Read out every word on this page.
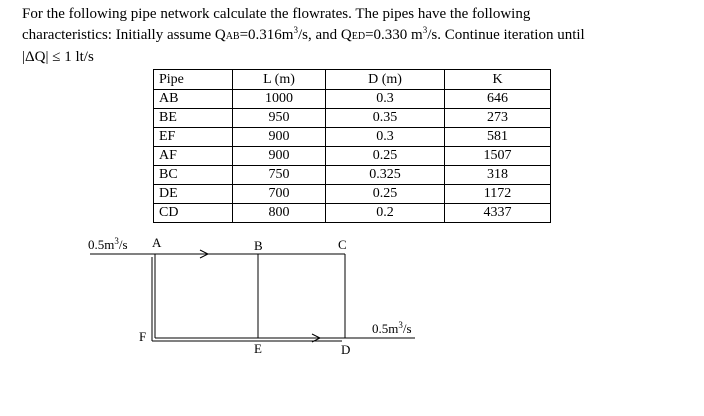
For the following pipe network calculate the flowrates. The pipes have the following

characteristics: Initially assume $QAB=0.316m^3/s$, and QED=0.330 $m^3/s$. Continue iteration until

|ΔQ| ≤ 1 lt/s

Pipe	L (m)	D (m)	K
AB	1000	0.3	646
BE	950	0.35	273
EF	900	0.3	581
AF	900	0.25	1507
BC	750	0.325	318
DE	700	0.25	1172
CD	800	0.2	4337
$0.5m^3/s$ A	B	C
F
E	D
$0.5m^3/s$
